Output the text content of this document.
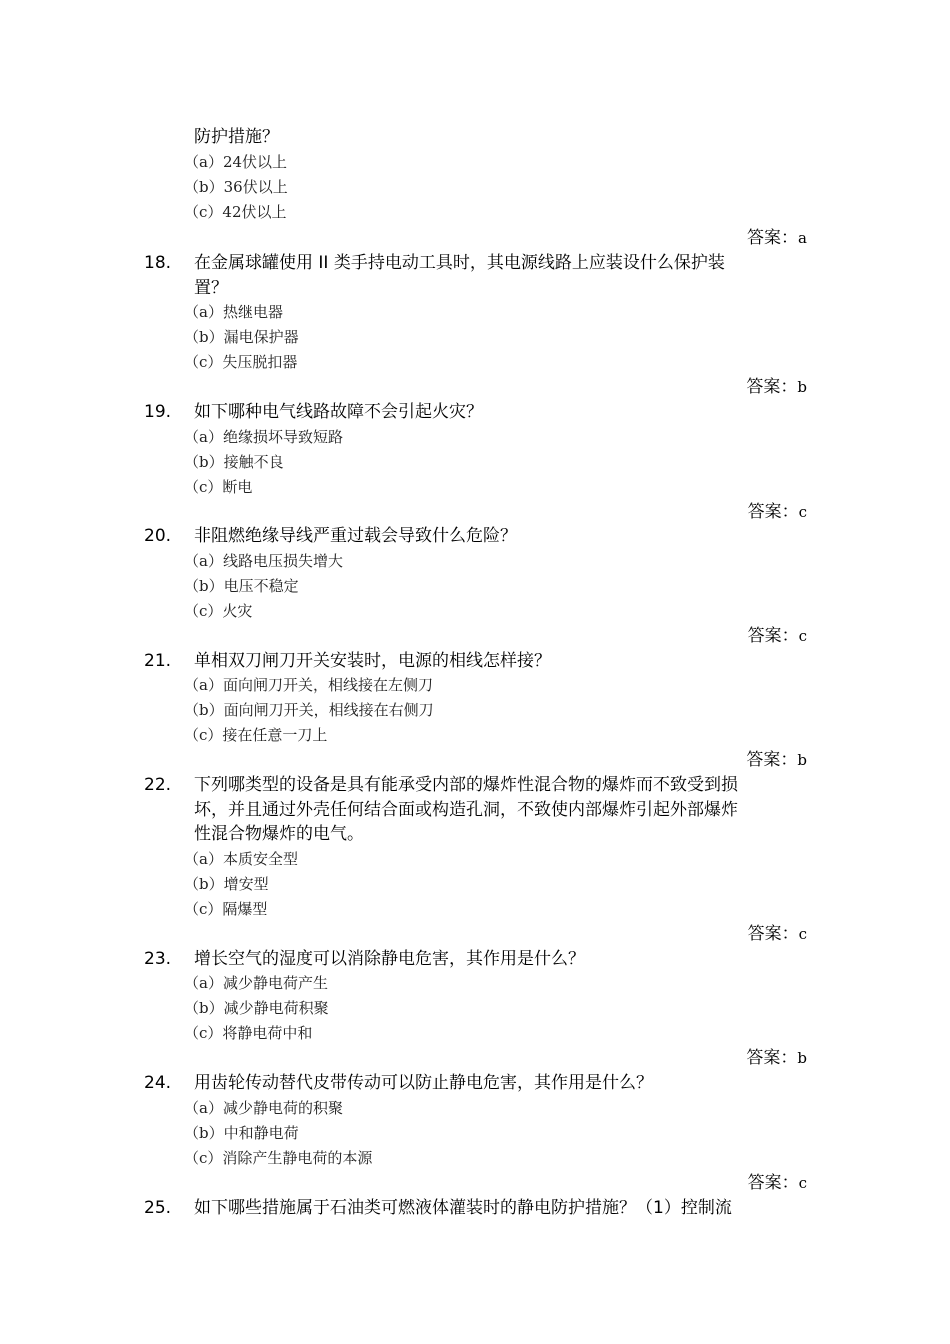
防护措施？
（a）24伏以上
（b）36伏以上
（c）42伏以上
答案：a
18. 在金属球罐使用 II 类手持电动工具时，其电源线路上应装设什么保护装
置？
（a）热继电器
（b）漏电保护器
（c）失压脱扣器
答案：b
19. 如下哪种电气线路故障不会引起火灾？
（a）绝缘损坏导致短路
（b）接触不良
（c）断电
答案：c
20. 非阻燃绝缘导线严重过载会导致什么危险？
（a）线路电压损失增大
（b）电压不稳定
（c）火灾
答案：c
21. 单相双刀闸刀开关安装时，电源的相线怎样接？
（a）面向闸刀开关，相线接在左侧刀
（b）面向闸刀开关，相线接在右侧刀
（c）接在任意一刀上
答案：b
22. 下列哪类型的设备是具有能承受内部的爆炸性混合物的爆炸而不致受到损
坏，并且通过外壳任何结合面或构造孔洞，不致使内部爆炸引起外部爆炸
性混合物爆炸的电气。
（a）本质安全型
（b）增安型
（c）隔爆型
答案：c
23. 增长空气的湿度可以消除静电危害，其作用是什么？
（a）减少静电荷产生
（b）减少静电荷积聚
（c）将静电荷中和
答案：b
24. 用齿轮传动替代皮带传动可以防止静电危害，其作用是什么？
（a）减少静电荷的积聚
（b）中和静电荷
（c）消除产生静电荷的本源
答案：c
25. 如下哪些措施属于石油类可燃液体灌装时的静电防护措施？（1）控制流
